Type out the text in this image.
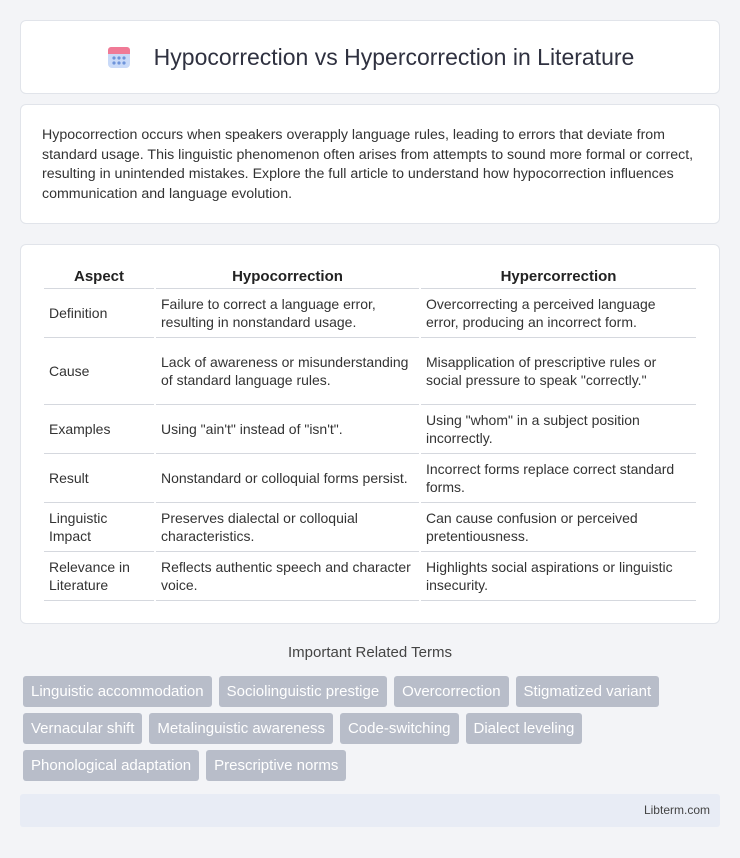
Hypocorrection vs Hypercorrection in Literature

Hypocorrection occurs when speakers overapply language rules, leading to errors that deviate from standard usage. This linguistic phenomenon often arises from attempts to sound more formal or correct, resulting in unintended mistakes. Explore the full article to understand how hypocorrection influences communication and language evolution.

Aspect	Hypocorrection	Hypercorrection
Definition	Failure to correct a language error, resulting in nonstandard usage.	Overcorrecting a perceived language error, producing an incorrect form.
Cause	Lack of awareness or misunderstanding of standard language rules.	Misapplication of prescriptive rules or social pressure to speak "correctly."
Examples	Using "ain't" instead of "isn't".	Using "whom" in a subject position incorrectly.
Result	Nonstandard or colloquial forms persist.	Incorrect forms replace correct standard forms.
Linguistic Impact	Preserves dialectal or colloquial characteristics.	Can cause confusion or perceived pretentiousness.
Relevance in Literature	Reflects authentic speech and character voice.	Highlights social aspirations or linguistic insecurity.
Important Related Terms
Linguistic accommodation	Sociolinguistic prestige	Overcorrection	Stigmatized variant
Vernacular shift	Metalinguistic awareness	Code-switching	Dialect leveling
Phonological adaptation	Prescriptive norms
Libterm.com
